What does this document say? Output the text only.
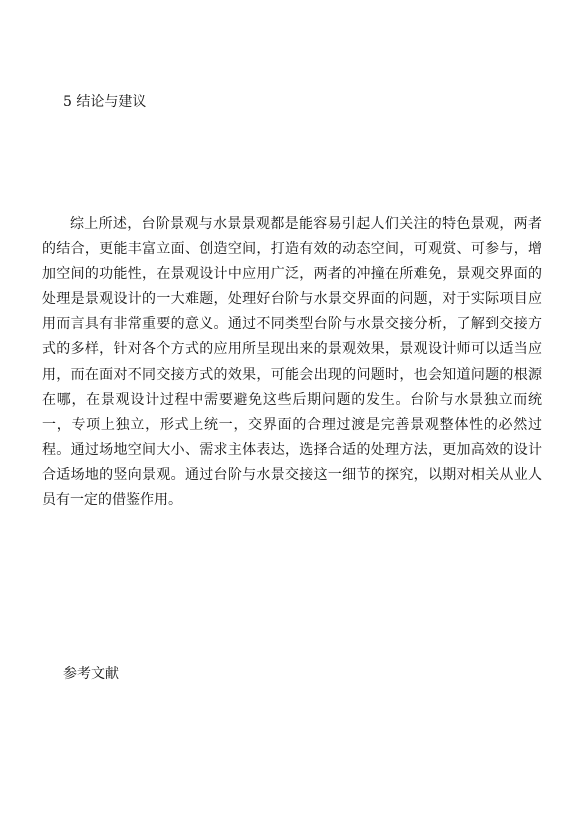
5 结论与建议

综上所述，台阶景观与水景景观都是能容易引起人们关注的特色景观，两者的结合，更能丰富立面、创造空间，打造有效的动态空间，可观赏、可参与，增加空间的功能性，在景观设计中应用广泛，两者的冲撞在所难免，景观交界面的处理是景观设计的一大难题，处理好台阶与水景交界面的问题，对于实际项目应用而言具有非常重要的意义。通过不同类型台阶与水景交接分析，了解到交接方式的多样，针对各个方式的应用所呈现出来的景观效果，景观设计师可以适当应用，而在面对不同交接方式的效果，可能会出现的问题时，也会知道问题的根源在哪，在景观设计过程中需要避免这些后期问题的发生。台阶与水景独立而统一，专项上独立，形式上统一，交界面的合理过渡是完善景观整体性的必然过程。通过场地空间大小、需求主体表达，选择合适的处理方法，更加高效的设计合适场地的竖向景观。通过台阶与水景交接这一细节的探究，以期对相关从业人员有一定的借鉴作用。

参考文献
